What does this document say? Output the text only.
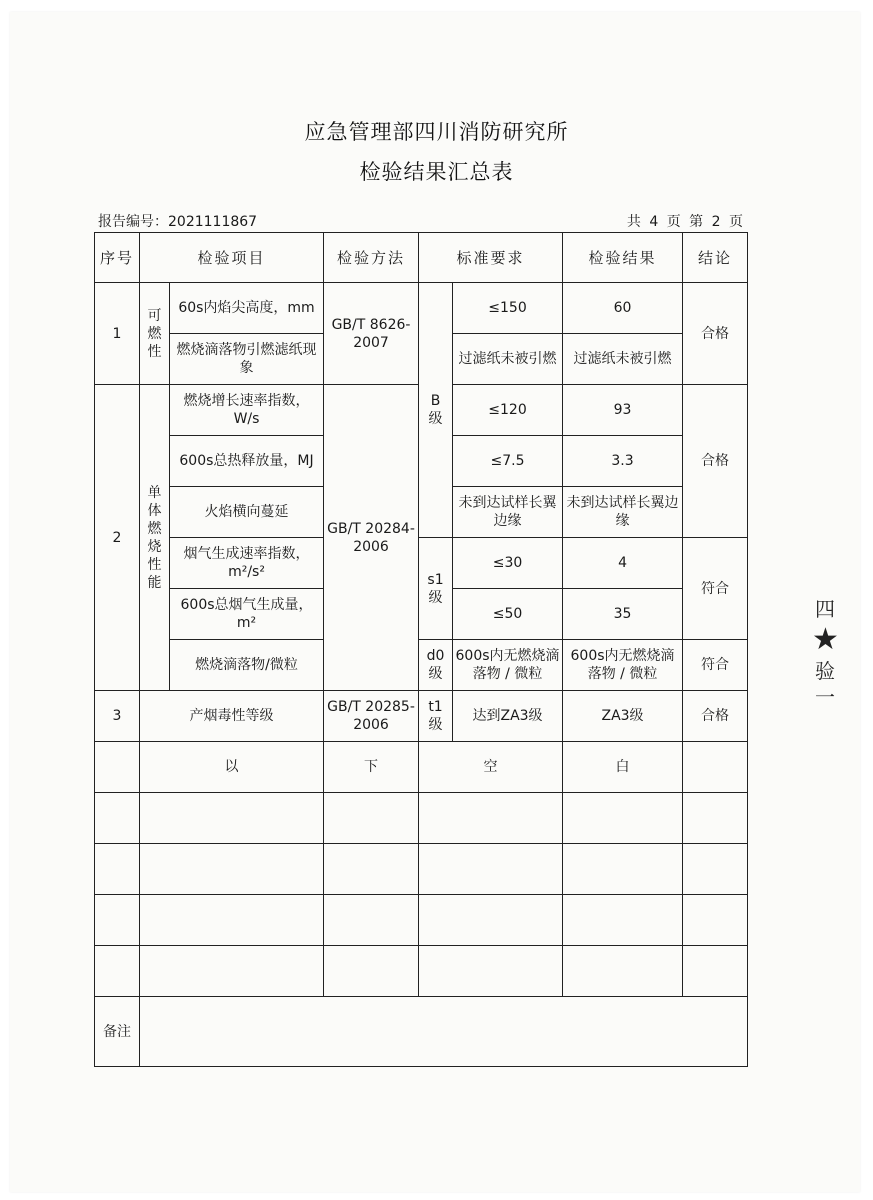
应急管理部四川消防研究所
检验结果汇总表
报告编号：2021111867	共 4 页 第 2 页
序号	检验项目		检验方法	标准要求		检验结果	结论
1	可燃性	60s内焰尖高度，mm	GB/T 8626-2007	B级	≤150	60	合格
		燃烧滴落物引燃滤纸现象			过滤纸未被引燃	过滤纸未被引燃	
2	单体燃烧性能	燃烧增长速率指数，W/s	GB/T 20284-2006		≤120	93	合格
		600s总热释放量，MJ			≤7.5	3.3	
		火焰横向蔓延			未到达试样长翼边缘	未到达试样长翼边缘	
		烟气生成速率指数，m²/s²		s1级	≤30	4	符合
		600s总烟气生成量，m²			≤50	35	
		燃烧滴落物/微粒		d0级	600s内无燃烧滴落物 / 微粒	600s内无燃烧滴落物 / 微粒	符合
3	产烟毒性等级		GB/T 20285-2006	t1级	达到ZA3级	ZA3级	合格
	以		下	空		白	

备注							
四
★
验
一
